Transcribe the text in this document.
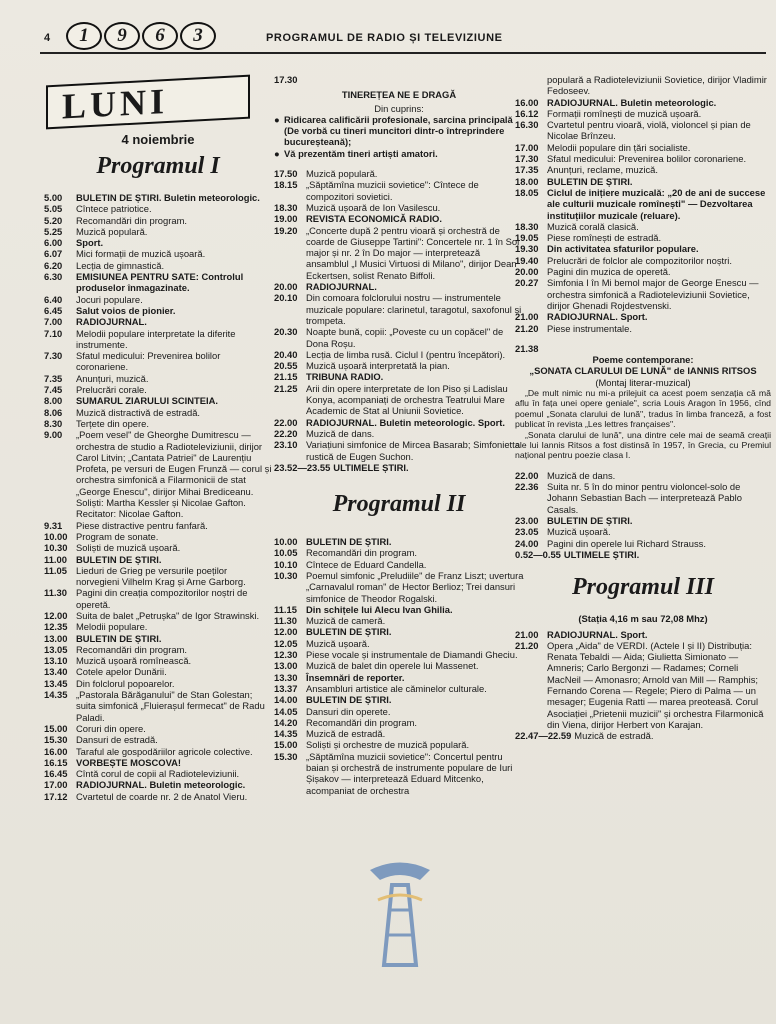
4	1	9	6	3	PROGRAMUL DE RADIO ȘI TELEVIZIUNE
LUNI
4 noiembrie
Programul I
5.00	BULETIN DE ȘTIRI. Buletin meteorologic.
5.05	Cîntece patriotice.
5.20	Recomandări din program.
5.25	Muzică populară.
6.00	Sport.
6.07	Mici formații de muzică ușoară.
6.20	Lecția de gimnastică.
6.30	EMISIUNEA PENTRU SATE: Controlul produselor înmagazinate.
6.40	Jocuri populare.
6.45	Salut voios de pionier.
7.00	RADIOJURNAL.
7.10	Melodii populare interpretate la diferite instrumente.
7.30	Sfatul medicului: Prevenirea bolilor coronariene.
7.35	Anunțuri, muzică.
7.45	Prelucrări corale.
8.00	SUMARUL ZIARULUI SCINTEIA.
8.06	Muzică distractivă de estradă.
8.30	Terțete din opere.
9.00	„Poem vesel" de Gheorghe Dumitrescu — orchestra de studio a Radioteleviziunii, dirijor Carol Litvin; „Cantata Patriei" de Laurențiu Profeta, pe versuri de Eugen Frunză — corul și orchestra simfonică a Filarmonicii de stat „George Enescu", dirijor Mihai Brediceanu. Soliști: Martha Kessler și Nicolae Gafton. Recitator: Nicolae Gafton.
9.31	Piese distractive pentru fanfară.
10.00 Program de sonate.
10.30 Soliști de muzică ușoară.
11.00 BULETIN DE ȘTIRI.
11.05 Lieduri de Grieg pe versurile poeților norvegieni Vilhelm Krag și Arne Garborg.
11.30 Pagini din creația compozitorilor noștri de operetă.
12.00 Suita de balet „Petrușka" de Igor Strawinski.
12.35 Melodii populare.
13.00 BULETIN DE ȘTIRI.
13.05 Recomandări din program.
13.10 Muzică ușoară romînească.
13.40 Cotele apelor Dunării.
13.45 Din folclorul popoarelor.
14.35 „Pastorala Bărăganului" de Stan Golestan; suita simfonică „Fluierașul fermecat" de Radu Paladi.
15.00 Coruri din opere.
15.30 Dansuri de estradă.
16.00 Taraful ale gospodăriilor agricole colective.
16.15 VORBEȘTE MOSCOVA!
16.45 Cîntă corul de copii al Radioteleviziunii.
17.00 RADIOJURNAL. Buletin meteorologic.
17.12 Cvartetul de coarde nr. 2 de Anatol Vieru.
17.30
TINEREȚEA NE E DRAGĂ
Din cuprins:
● Ridicarea calificării profesionale, sarcina principală (De vorbă cu tineri muncitori dintr-o întreprindere bucureșteană);
● Vă prezentăm tineri artiști amatori.
17.50 Muzică populară.
18.15 „Săptămîna muzicii sovietice": Cîntece de compozitori sovietici.
18.30 Muzică ușoară de Ion Vasilescu.
19.00 REVISTA ECONOMICĂ RADIO.
19.20 „Concerte după 2 pentru vioară și orchestră de coarde de Giuseppe Tartini": Concertele nr. 1 în Sol major și nr. 2 în Do major — interpretează ansamblul „I Musici Virtuosi di Milano", dirijor Dean Eckertsen, solist Renato Biffoli.
20.00 RADIOJURNAL.
20.10 Din comoara folclorului nostru — instrumentele muzicale populare: clarinetul, taragotul, saxofonul și trompeta.
20.30 Noapte bună, copii: „Poveste cu un copăcel" de Dona Roșu.
20.40 Lecția de limba rusă. Ciclul I (pentru începători).
20.55 Muzică ușoară interpretată la pian.
21.15 TRIBUNA RADIO.
21.25 Arii din opere interpretate de Ion Piso și Ladislau Konya, acompaniați de orchestra Teatrului Mare Academic de Stat al Uniunii Sovietice.
22.00 RADIOJURNAL. Buletin meteorologic. Sport.
22.20 Muzică de dans.
23.10 Variațiuni simfonice de Mircea Basarab; Simfonietta rustică de Eugen Suchon.
23.52—23.55 ULTIMELE ȘTIRI.
Programul II
10.00 BULETIN DE ȘTIRI.
10.05 Recomandări din program.
10.10 Cîntece de Eduard Candella.
10.30 Poemul simfonic „Preludiile" de Franz Liszt; uvertura „Carnavalul roman" de Hector Berlioz; Trei dansuri simfonice de Theodor Rogalski.
11.15 Din schițele lui Alecu Ivan Ghilia.
11.30 Muzică de cameră.
12.00 BULETIN DE ȘTIRI.
12.05 Muzică ușoară.
12.30 Piese vocale și instrumentale de Diamandi Gheciu.
13.00 Muzică de balet din operele lui Massenet.
13.30 Însemnări de reporter.
13.37 Ansambluri artistice ale căminelor culturale.
14.00 BULETIN DE ȘTIRI.
14.05 Dansuri din operete.
14.20 Recomandări din program.
14.35 Muzică de estradă.
15.00 Soliști și orchestre de muzică populară.
15.30 „Săptămîna muzicii sovietice": Concertul pentru baian și orchestră de instrumente populare de Iuri Șișakov — interpretează Eduard Mitcenko, acompaniat de orchestra
populară a Radioteleviziunii Sovietice, dirijor Vladimir Fedoseev.
16.00 RADIOJURNAL. Buletin meteorologic.
16.12 Formații romînești de muzică ușoară.
16.30 Cvartetul pentru vioară, violă, violoncel și pian de Nicolae Brînzeu.
17.00 Melodii populare din țări socialiste.
17.30 Sfatul medicului: Prevenirea bolilor coronariene.
17.35 Anunțuri, reclame, muzică.
18.00 BULETIN DE ȘTIRI.
18.05 Ciclul de inițiere muzicală: „20 de ani de succese ale culturii muzicale romînești" — Dezvoltarea instituțiilor muzicale (reluare).
18.30 Muzică corală clasică.
19.05 Piese romînești de estradă.
19.30 Din activitatea sfaturilor populare.
19.40 Prelucrări de folclor ale compozitorilor noștri.
20.00 Pagini din muzica de operetă.
20.27 Simfonia I în Mi bemol major de George Enescu — orchestra simfonică a Radioteleviziunii Sovietice, dirijor Ghenadi Rojdestvenski.
21.00 RADIOJURNAL. Sport.
21.20 Piese instrumentale.
21.38
Poeme contemporane:
„SONATA CLARULUI DE LUNĂ" de IANNIS RITSOS
(Montaj literar-muzical)

„De mult nimic nu mi-a prilejuit ca acest poem senzația că mă aflu în fața unei opere geniale", scria Louis Aragon în 1956, cînd poemul „Sonata clarului de lună", tradus în limba franceză, a fost publicat în revista „Les lettres françaises".

„Sonata clarului de lună", una dintre cele mai de seamă creații ale lui Iannis Ritsos a fost distinsă în 1957, în Grecia, cu Premiul național pentru poezie clasa I.

22.00 Muzică de dans.
22.36 Suita nr. 5 în do minor pentru violoncel-solo de Johann Sebastian Bach — interpretează Pablo Casals.
23.00 BULETIN DE ȘTIRI.
23.05 Muzică ușoară.
24.00 Pagini din operele lui Richard Strauss.
0.52—0.55 ULTIMELE ȘTIRI.
Programul III
(Stația 4,16 m sau 72,08 Mhz)
21.00 RADIOJURNAL. Sport.
21.20 Opera „Aida" de VERDI. (Actele I și II) Distribuția: Renata Tebaldi — Aida; Giulietta Simionato — Amneris; Carlo Bergonzi — Radames; Corneli MacNeil — Amonasro; Arnold van Mill — Ramphis; Fernando Corena — Regele; Piero di Palma — un mesager; Eugenia Ratti — marea preoteasă. Corul Asociației „Prietenii muzicii" și orchestra Filarmonică din Viena, dirijor Herbert von Karajan.
22.47—22.59 Muzică de estradă.
